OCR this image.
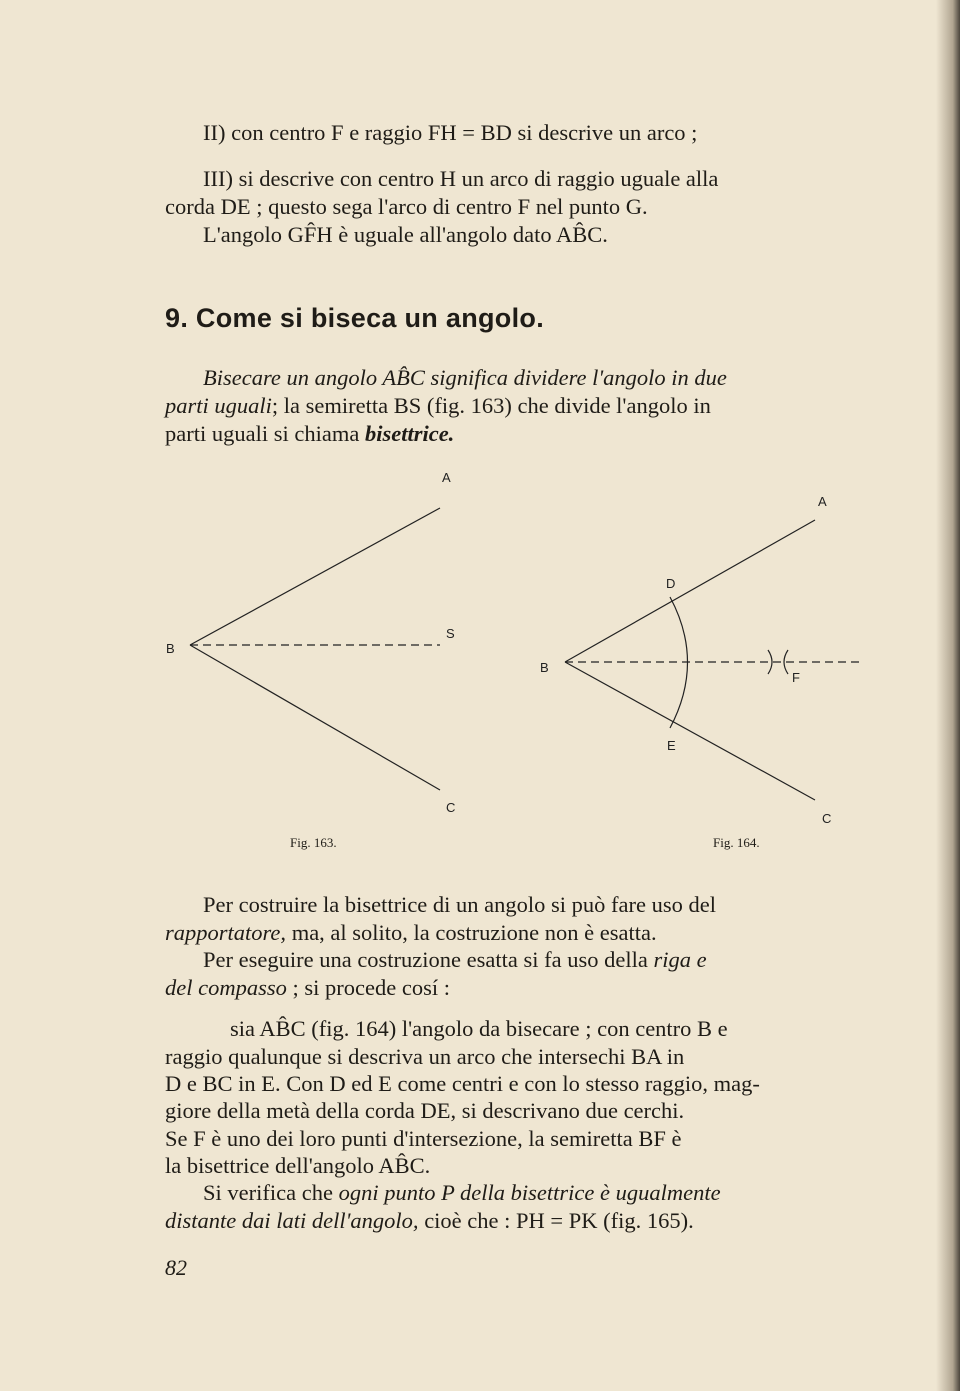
II) con centro F e raggio FH = BD si descrive un arco ;
III) si descrive con centro H un arco di raggio uguale alla
corda DE ; questo sega l'arco di centro F nel punto G.
L'angolo GF̂H è uguale all'angolo dato AB̂C.
9. Come si biseca un angolo.
Bisecare un angolo AB̂C significa dividere l'angolo in due
parti uguali; la semiretta BS (fig. 163) che divide l'angolo in
parti uguali si chiama bisettrice.
A
B
C
S
A
B
C
D
E
F
Fig. 163.	Fig. 164.
Per costruire la bisettrice di un angolo si può fare uso del
rapportatore, ma, al solito, la costruzione non è esatta.
Per eseguire una costruzione esatta si fa uso della riga e
del compasso ; si procede cosí :
sia AB̂C (fig. 164) l'angolo da bisecare ; con centro B e
raggio qualunque si descriva un arco che intersechi BA in
D e BC in E. Con D ed E come centri e con lo stesso raggio, mag-
giore della metà della corda DE, si descrivano due cerchi.
Se F è uno dei loro punti d'intersezione, la semiretta BF è
la bisettrice dell'angolo AB̂C.
Si verifica che ogni punto P della bisettrice è ugualmente
distante dai lati dell'angolo, cioè che : PH = PK (fig. 165).
82
